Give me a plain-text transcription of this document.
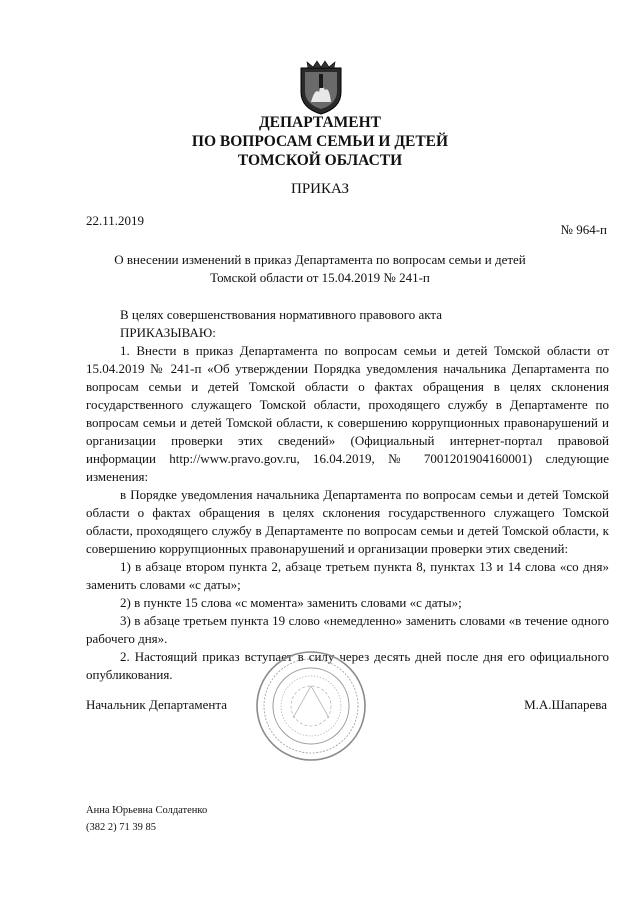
ДЕПАРТАМЕНТ
ПО ВОПРОСАМ СЕМЬИ И ДЕТЕЙ
ТОМСКОЙ ОБЛАСТИ
ПРИКАЗ
22.11.2019
№ 964-п
О внесении изменений в приказ Департамента по вопросам семьи и детей Томской области от 15.04.2019 № 241-п

В целях совершенствования нормативного правового акта

ПРИКАЗЫВАЮ:

1. Внести в приказ Департамента по вопросам семьи и детей Томской области от 15.04.2019 № 241-п «Об утверждении Порядка уведомления начальника Департамента по вопросам семьи и детей Томской области о фактах обращения в целях склонения государственного служащего Томской области, проходящего службу в Департаменте по вопросам семьи и детей Томской области, к совершению коррупционных правонарушений и организации проверки этих сведений» (Официальный интернет-портал правовой информации http://www.pravo.gov.ru, 16.04.2019, № 7001201904160001) следующие изменения:

в Порядке уведомления начальника Департамента по вопросам семьи и детей Томской области о фактах обращения в целях склонения государственного служащего Томской области, проходящего службу в Департаменте по вопросам семьи и детей Томской области, к совершению коррупционных правонарушений и организации проверки этих сведений:

1) в абзаце втором пункта 2, абзаце третьем пункта 8, пунктах 13 и 14 слова «со дня» заменить словами «с даты»;

2) в пункте 15 слова «с момента» заменить словами «с даты»;

3) в абзаце третьем пункта 19 слово «немедленно» заменить словами «в течение одного рабочего дня».

2. Настоящий приказ вступает в силу через десять дней после дня его официального опубликования.

Начальник Департамента	М.А.Шапарева
Анна Юрьевна Солдатенко
(382 2) 71 39 85
